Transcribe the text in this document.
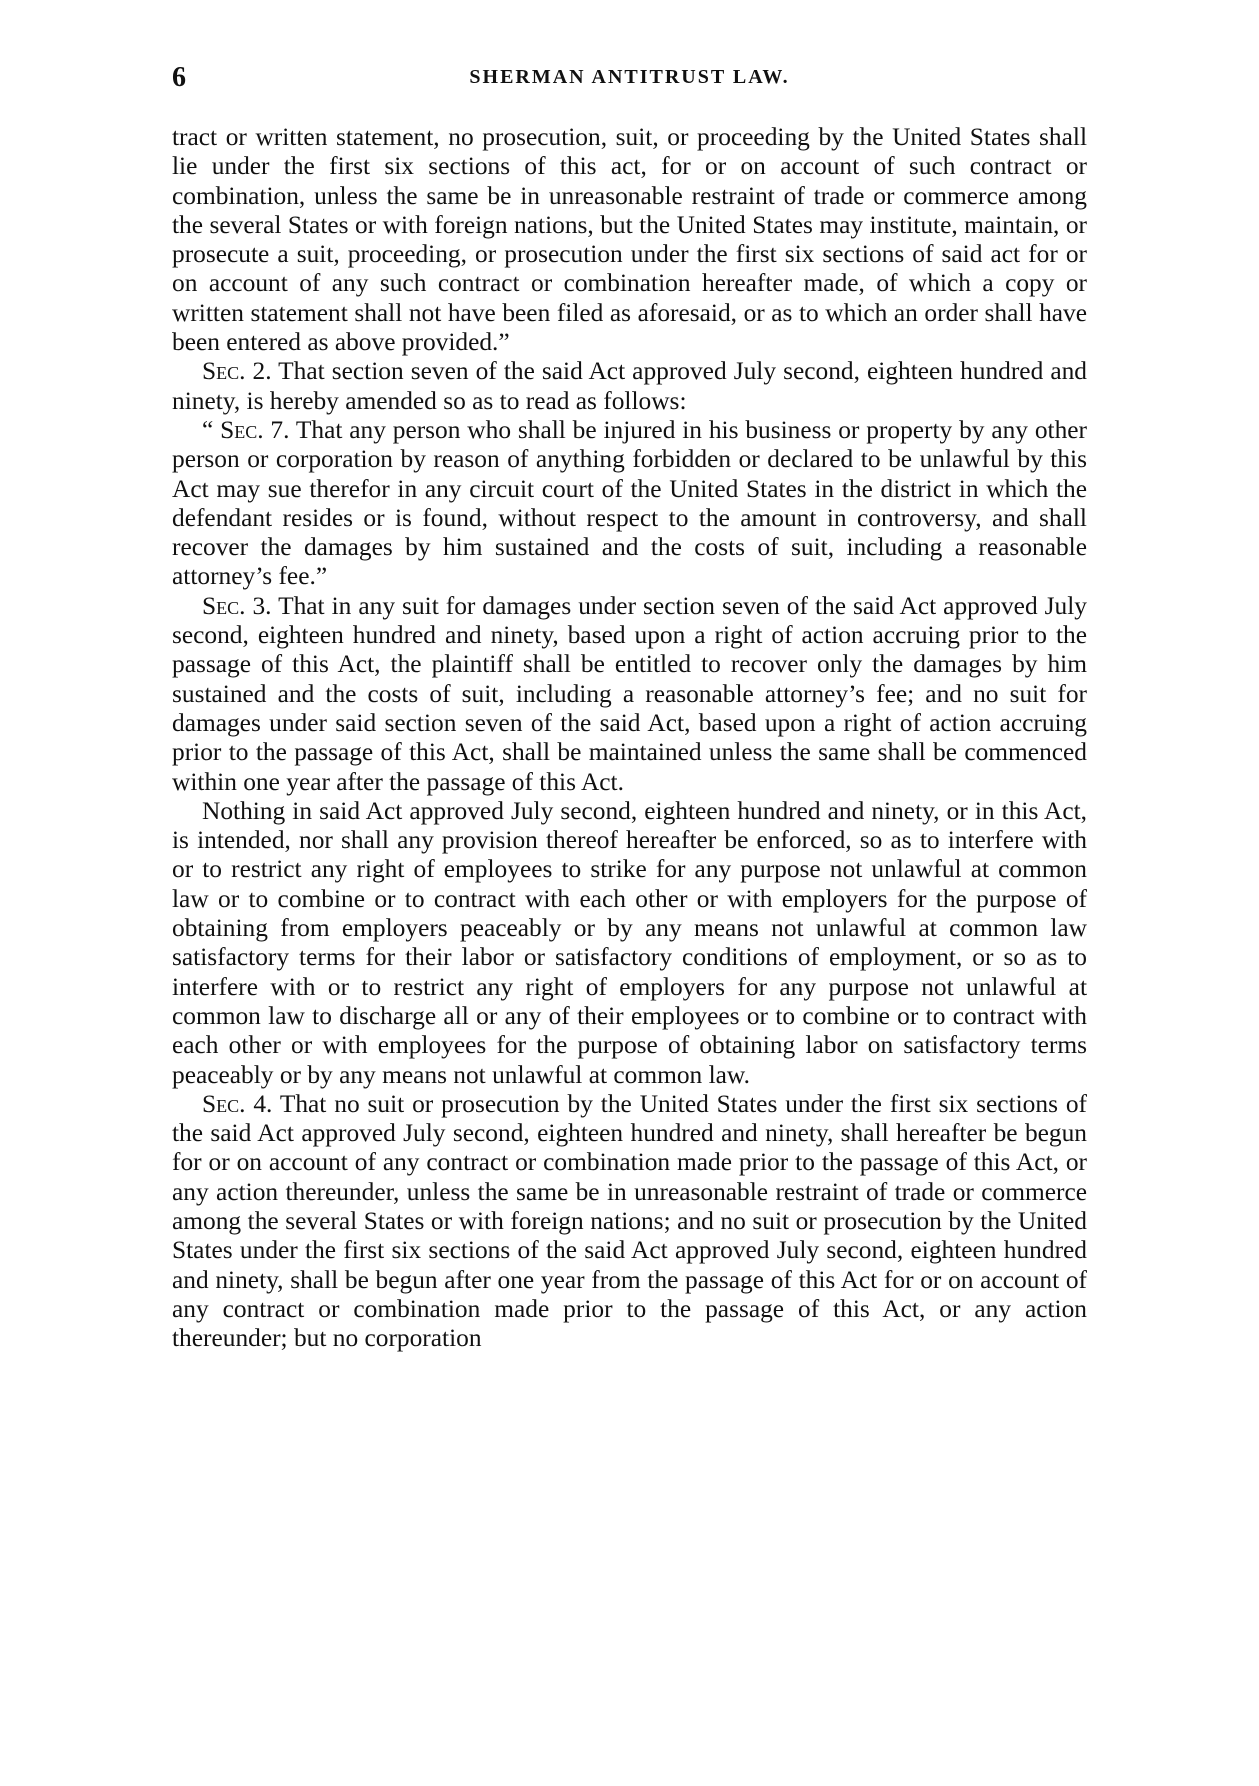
6	SHERMAN ANTITRUST LAW.

tract or written statement, no prosecution, suit, or proceeding by the United States shall lie under the first six sections of this act, for or on account of such contract or combination, unless the same be in unreasonable restraint of trade or commerce among the several States or with foreign nations, but the United States may institute, maintain, or prosecute a suit, proceeding, or prosecution under the first six sections of said act for or on account of any such contract or combination hereafter made, of which a copy or written statement shall not have been filed as aforesaid, or as to which an order shall have been entered as above provided.”

Sec. 2. That section seven of the said Act approved July second, eighteen hundred and ninety, is hereby amended so as to read as follows:

“ Sec. 7. That any person who shall be injured in his business or property by any other person or corporation by reason of anything forbidden or declared to be unlawful by this Act may sue therefor in any circuit court of the United States in the district in which the defendant resides or is found, without respect to the amount in controversy, and shall recover the damages by him sustained and the costs of suit, including a reasonable attorney’s fee.”

Sec. 3. That in any suit for damages under section seven of the said Act approved July second, eighteen hundred and ninety, based upon a right of action accruing prior to the passage of this Act, the plaintiff shall be entitled to recover only the damages by him sustained and the costs of suit, including a reasonable attorney’s fee; and no suit for damages under said section seven of the said Act, based upon a right of action accruing prior to the passage of this Act, shall be maintained unless the same shall be commenced within one year after the passage of this Act.

Nothing in said Act approved July second, eighteen hundred and ninety, or in this Act, is intended, nor shall any provision thereof hereafter be enforced, so as to interfere with or to restrict any right of employees to strike for any purpose not unlawful at common law or to combine or to contract with each other or with employers for the purpose of obtaining from employers peaceably or by any means not unlawful at common law satisfactory terms for their labor or satisfactory conditions of employment, or so as to interfere with or to restrict any right of employers for any purpose not unlawful at common law to discharge all or any of their employees or to combine or to contract with each other or with employees for the purpose of obtaining labor on satisfactory terms peaceably or by any means not unlawful at common law.

Sec. 4. That no suit or prosecution by the United States under the first six sections of the said Act approved July second, eighteen hundred and ninety, shall hereafter be begun for or on account of any contract or combination made prior to the passage of this Act, or any action thereunder, unless the same be in unreasonable restraint of trade or commerce among the several States or with foreign nations; and no suit or prosecution by the United States under the first six sections of the said Act approved July second, eighteen hundred and ninety, shall be begun after one year from the passage of this Act for or on account of any contract or combination made prior to the passage of this Act, or any action thereunder; but no corporation
